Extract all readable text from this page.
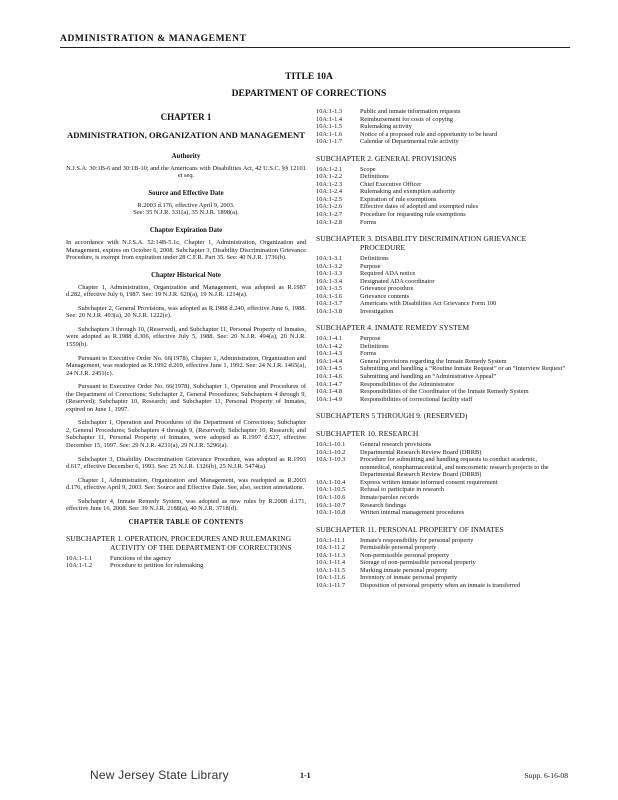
ADMINISTRATION & MANAGEMENT
TITLE 10A
DEPARTMENT OF CORRECTIONS
CHAPTER 1
ADMINISTRATION, ORGANIZATION AND MANAGEMENT
Authority

N.J.S.A. 30:1B-6 and 30:1B-10; and the Americans with Disabilities Act, 42 U.S.C. §§ 12101 et seq.

Source and Effective Date

R.2003 d.176, effective April 9, 2003.

See: 35 N.J.R. 331(a), 35 N.J.R. 1898(a).

Chapter Expiration Date

In accordance with N.J.S.A. 52:14B-5.1c, Chapter 1, Administration, Organization and Management, expires on October 6, 2008. Subchapter 3, Disability Discrimination Grievance Procedure, is exempt from expiration under 28 C.F.R. Part 35. See: 40 N.J.R. 1736(b).

Chapter Historical Note

Chapter 1, Administration, Organization and Management, was adopted as R.1987 d.282, effective July 6, 1987. See: 19 N.J.R. 620(a), 19 N.J.R. 1214(a).

Subchapter 2, General Provisions, was adopted as R.1988 d.240, effective June 6, 1988. See: 20 N.J.R. 493(a), 20 N.J.R. 1222(e).

Subchapters 3 through 10, (Reserved), and Subchapter 11, Personal Property of Inmates, were adopted as R.1988 d.306, effective July 5, 1988. See: 20 N.J.R. 494(a), 20 N.J.R. 1559(b).

Pursuant to Executive Order No. 66(1978), Chapter 1, Administration, Organization and Management, was readopted as R.1992 d.269, effective June 1, 1992. See: 24 N.J.R. 1465(a), 24 N.J.R. 2451(c).

Pursuant to Executive Order No. 66(1978), Subchapter 1, Operation and Procedures of the Department of Corrections; Subchapter 2, General Procedures; Subchapters 4 through 9, (Reserved); Subchapter 10, Research; and Subchapter 11, Personal Property of Inmates, expired on June 1, 1997.

Subchapter 1, Operation and Procedures of the Department of Corrections; Subchapter 2, General Procedures; Subchapters 4 through 9, (Reserved); Subchapter 10, Research; and Subchapter 11, Personal Property of Inmates, were adopted as R.1997 d.527, effective December 15, 1997. See: 29 N.J.R. 4231(a), 29 N.J.R. 5296(a).

Subchapter 3, Disability Discrimination Grievance Procedure, was adopted as R.1993 d.617, effective December 6, 1993. See: 25 N.J.R. 1326(b), 25 N.J.R. 5474(a).

Chapter 1, Administration, Organization and Management, was readopted as R.2003 d.176, effective April 9, 2003. See: Source and Effective Date. See, also, section annotations.

Subchapter 4, Inmate Remedy System, was adopted as new rules by R.2008 d.171, effective June 16, 2008. See: 39 N.J.R. 2188(a), 40 N.J.R. 3718(d).

CHAPTER TABLE OF CONTENTS
SUBCHAPTER 1. OPERATION, PROCEDURES AND RULEMAKING ACTIVITY OF THE DEPARTMENT OF CORRECTIONS
10A:1-1.1	Functions of the agency
10A:1-1.2	Procedure to petition for rulemaking
10A:1-1.3	Public and inmate information requests
10A:1-1.4	Reimbursement for costs of copying
10A:1-1.5	Rulemaking activity
10A:1-1.6	Notice of a proposed rule and opportunity to be heard
10A:1-1.7	Calendar of Departmental rule activity
SUBCHAPTER 2. GENERAL PROVISIONS
10A:1-2.1	Scope
10A:1-2.2	Definitions
10A:1-2.3	Chief Executive Officer
10A:1-2.4	Rulemaking and exemption authority
10A:1-2.5	Expiration of rule exemptions
10A:1-2.6	Effective dates of adopted and exempted rules
10A:1-2.7	Procedure for requesting rule exemptions
10A:1-2.8	Forms
SUBCHAPTER 3. DISABILITY DISCRIMINATION GRIEVANCE PROCEDURE
10A:1-3.1	Definitions
10A:1-3.2	Purpose
10A:1-3.3	Required ADA notice
10A:1-3.4	Designated ADA coordinator
10A:1-3.5	Grievance procedure
10A:1-3.6	Grievance contents
10A:1-3.7	Americans with Disabilities Act Grievance Form 100
10A:1-3.8	Investigation
SUBCHAPTER 4. INMATE REMEDY SYSTEM
10A:1-4.1	Purpose
10A:1-4.2	Definitions
10A:1-4.3	Forms
10A:1-4.4	General provisions regarding the Inmate Remedy System
10A:1-4.5	Submitting and handling a “Routine Inmate Request” or an “Interview Request”
10A:1-4.6	Submitting and handling an “Administrative Appeal”
10A:1-4.7	Responsibilities of the Administrator
10A:1-4.8	Responsibilities of the Coordinator of the Inmate Remedy System
10A:1-4.9	Responsibilities of correctional facility staff
SUBCHAPTERS 5 THROUGH 9. (RESERVED)
SUBCHAPTER 10. RESEARCH
10A:1-10.1	General research provisions
10A:1-10.2	Departmental Research Review Board (DRRB)
10A:1-10.3	Procedure for submitting and handling requests to conduct academic, nonmedical, nonpharmaceutical, and noncosmetic research projects to the Departmental Research Review Board (DRRB)
10A:1-10.4	Express written inmate informed consent requirement
10A:1-10.5	Refusal to participate in research
10A:1-10.6	Inmate/parolee records
10A:1-10.7	Research findings
10A:1-10.8	Written internal management procedures
SUBCHAPTER 11. PERSONAL PROPERTY OF INMATES
10A:1-11.1	Inmate's responsibility for personal property
10A:1-11.2	Permissible personal property
10A:1-11.3	Non-permissible personal property
10A:1-11.4	Storage of non-permissible personal property
10A:1-11.5	Marking inmate personal property
10A:1-11.6	Inventory of inmate personal property
10A:1-11.7	Disposition of personal property when an inmate is transferred
New Jersey State Library	1-1	Supp. 6-16-08
